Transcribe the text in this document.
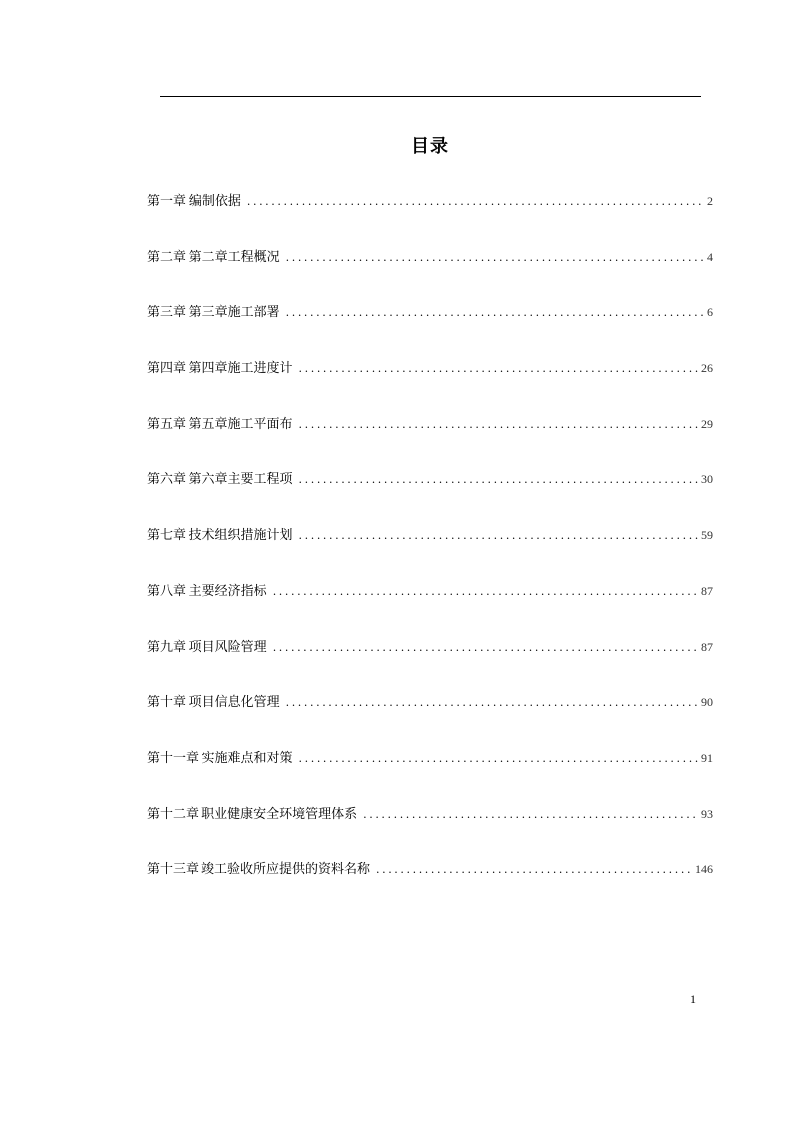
目录
第一章 编制依据 .....	2
第二章 第二章工程概况 .....	4
第三章 第三章施工部署 .....	6
第四章 第四章施工进度计 .....	26
第五章 第五章施工平面布 .....	29
第六章 第六章主要工程项 .....	30
第七章 技术组织措施计划 .....	59
第八章 主要经济指标 .....	87
第九章 项目风险管理 .....	87
第十章 项目信息化管理 .....	90
第十一章 实施难点和对策 .....	91
第十二章 职业健康安全环境管理体系 .....	93
第十三章 竣工验收所应提供的资料名称 .....	146
1
